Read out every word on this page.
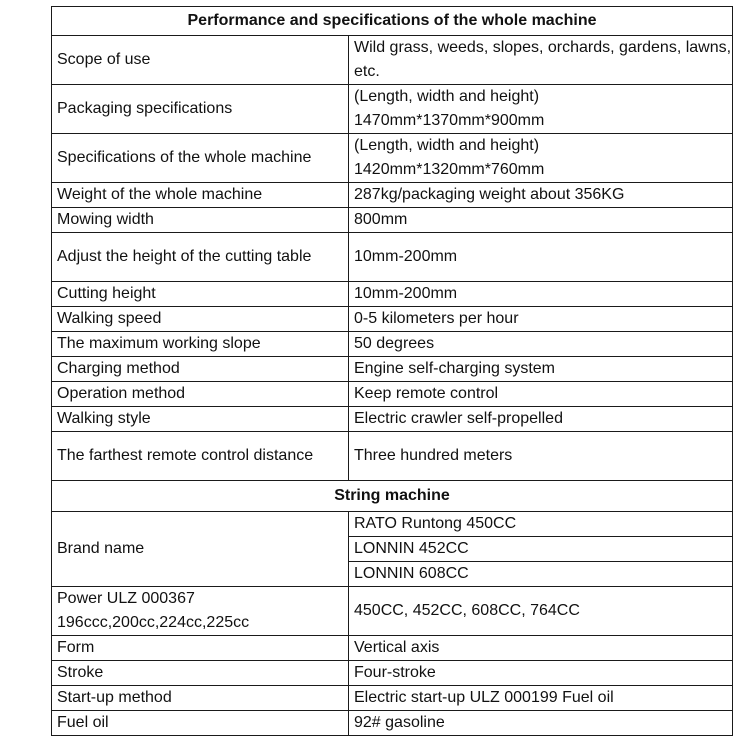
Performance and specifications of the whole machine	
Scope of use	Wild grass, weeds, slopes, orchards, gardens, lawns, etc.
Packaging specifications	(Length, width and height) 1470mm*1370mm*900mm
Specifications of the whole machine	(Length, width and height) 1420mm*1320mm*760mm
Weight of the whole machine	287kg/packaging weight about 356KG
Mowing width	800mm
Adjust the height of the cutting table	10mm-200mm
Cutting height	10mm-200mm
Walking speed	0-5 kilometers per hour
The maximum working slope	50 degrees
Charging method	Engine self-charging system
Operation method	Keep remote control
Walking style	Electric crawler self-propelled
The farthest remote control distance	Three hundred meters
String machine	
Brand name	RATO Runtong 450CC
	LONNIN 452CC
	LONNIN 608CC
Power ULZ 000367 196ccc,200cc,224cc,225cc	450CC, 452CC, 608CC, 764CC
Form	Vertical axis
Stroke	Four-stroke
Start-up method	Electric start-up ULZ 000199 Fuel oil
Fuel oil	92# gasoline
